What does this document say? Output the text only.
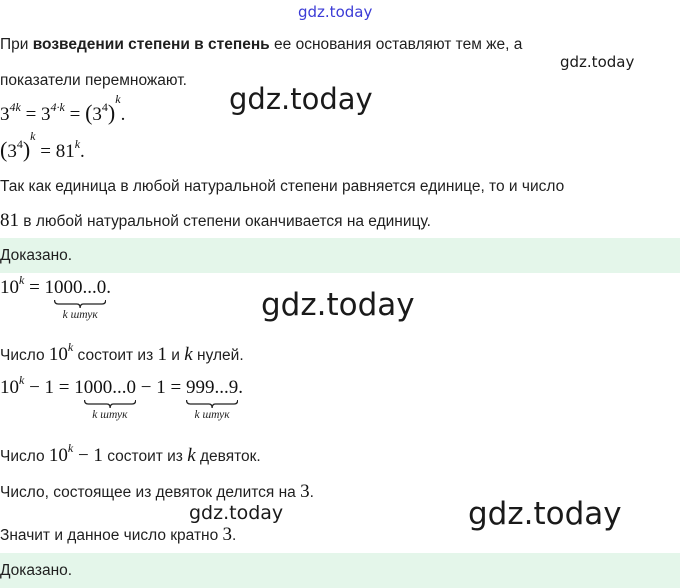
gdz.today
gdz.today
gdz.today
gdz.today
gdz.today	gdz.today
При возведении степени в степень ее основания оставляют тем же, а
показатели перемножают.
$3^{4k} = 3^{4\cdot k} = (3^4)^k$.
$(3^4)^k = 81^k$.
Так как единица в любой натуральной степени равняется единице, то и число
81 в любой натуральной степени оканчивается на единицу.
Доказано.
$10^k = 1000...0$
k штук
.
Число 10$^k$ состоит из 1 и k нулей.
$10^k - 1 = 1000...0$
k штук
− 1 = 999...9
k штук
.
Число $10^k - 1$ состоит из k девяток.
Число, состоящее из девяток делится на 3.
Значит и данное число кратно 3.
Доказано.
